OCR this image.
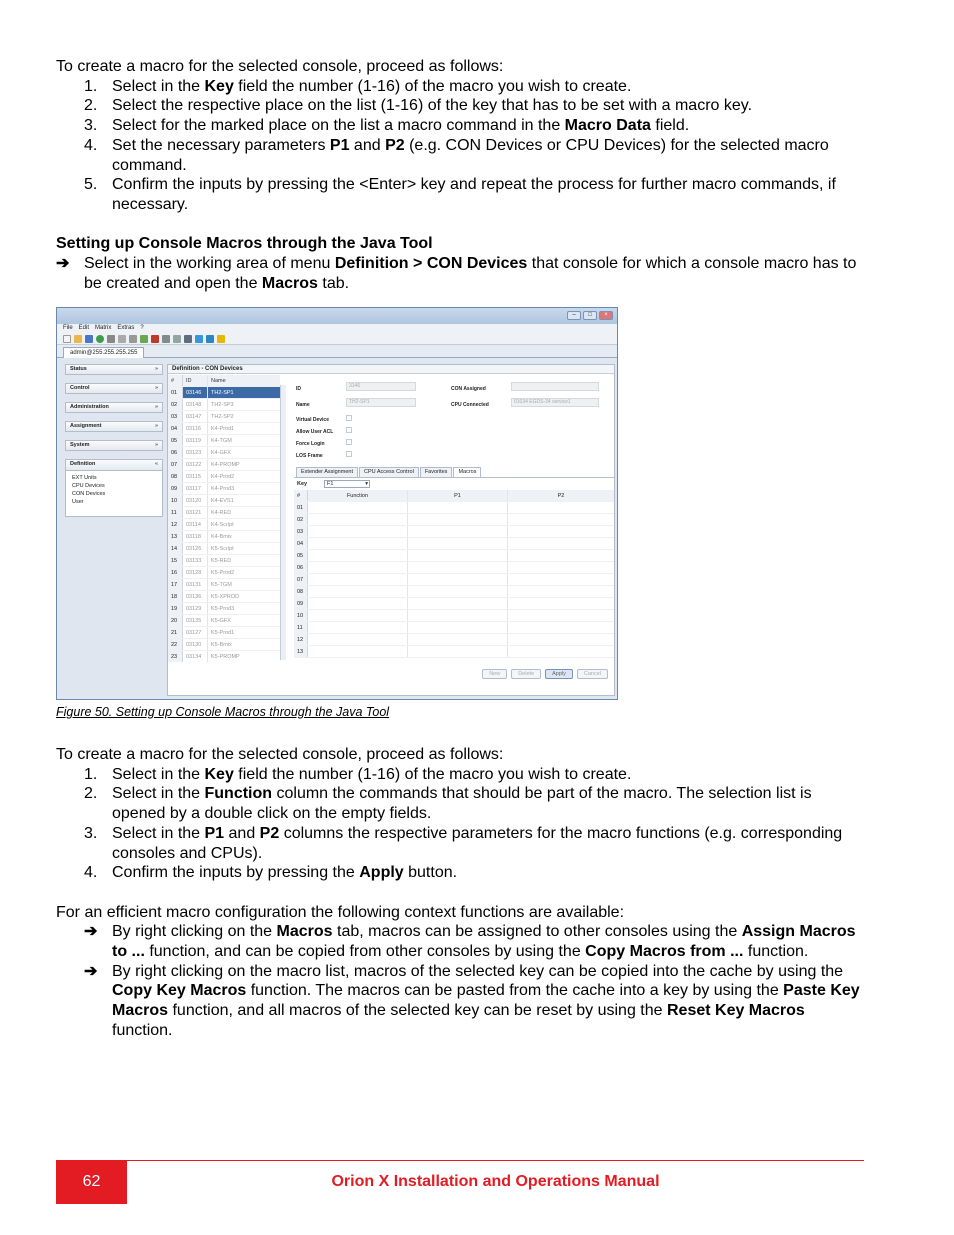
To create a macro for the selected console, proceed as follows:

1. Select in the Key field the number (1-16) of the macro you wish to create.
2. Select the respective place on the list (1-16) of the key that has to be set with a macro key.
3. Select for the marked place on the list a macro command in the Macro Data field.
4. Set the necessary parameters P1 and P2 (e.g. CON Devices or CPU Devices) for the selected macro command.
5. Confirm the inputs by pressing the <Enter> key and repeat the process for further macro commands, if necessary.

Setting up Console Macros through the Java Tool

➔ Select in the working area of menu Definition > CON Devices that console for which a console macro has to be created and open the Macros tab.
–	□	×
File Edit Matrix Extras ?
admin@255.255.255.255
Status	»
Control	»
Administration	»
Assignment	»
System	»
Definition	«
EXT Units
CPU Devices
CON Devices
User
Definition - CON Devices
#	ID	Name
01	03146	TH2-SP1
02	03148	TH2-SP3
03	03147	TH2-SP2
04	03116	K4-Prod1
05	03119	K4-TGM
06	03123	K4-GFX
07	03122	K4-PROMP
08	03115	K4-Prod2
09	03117	K4-Prod3
10	03120	K4-EVS1
11	03121	K4-RED
12	03114	K4-Script
13	03118	K4-Bmix
14	03126	K5-Script
15	03133	K5-RED
16	03128	K5-Prod2
17	03131	K5-TGM
18	03136	K5-XPROD
19	03129	K5-Prod3
20	03135	K5-GFX
21	03127	K5-Prod1
22	03130	K5-Bmix
23	03134	K5-PROMP
ID	3146
Name	TH2-SP1
Virtual Device
Allow User ACL
Force Login
LOS Frame
CON Assigned
CPU Connected	01034 EGDS-34 service1
Extender Assignment	CPU Access Control	Favorites	Macros
Key	F1	▾
#	Function	P1	P2
01
02
03
04
05
06
07
08
09
10
11
12
13
New	Delete	Apply	Cancel
Figure 50. Setting up Console Macros through the Java Tool

To create a macro for the selected console, proceed as follows:

1. Select in the Key field the number (1-16) of the macro you wish to create.
2. Select in the Function column the commands that should be part of the macro. The selection list is opened by a double click on the empty fields.
3. Select in the P1 and P2 columns the respective parameters for the macro functions (e.g. corresponding consoles and CPUs).
4. Confirm the inputs by pressing the Apply button.

For an efficient macro configuration the following context functions are available:

➔ By right clicking on the Macros tab, macros can be assigned to other consoles using the Assign Macros to ... function, and can be copied from other consoles by using the Copy Macros from ... function.
➔ By right clicking on the macro list, macros of the selected key can be copied into the cache by using the Copy Key Macros function. The macros can be pasted from the cache into a key by using the Paste Key Macros function, and all macros of the selected key can be reset by using the Reset Key Macros function.
62	Orion X Installation and Operations Manual
